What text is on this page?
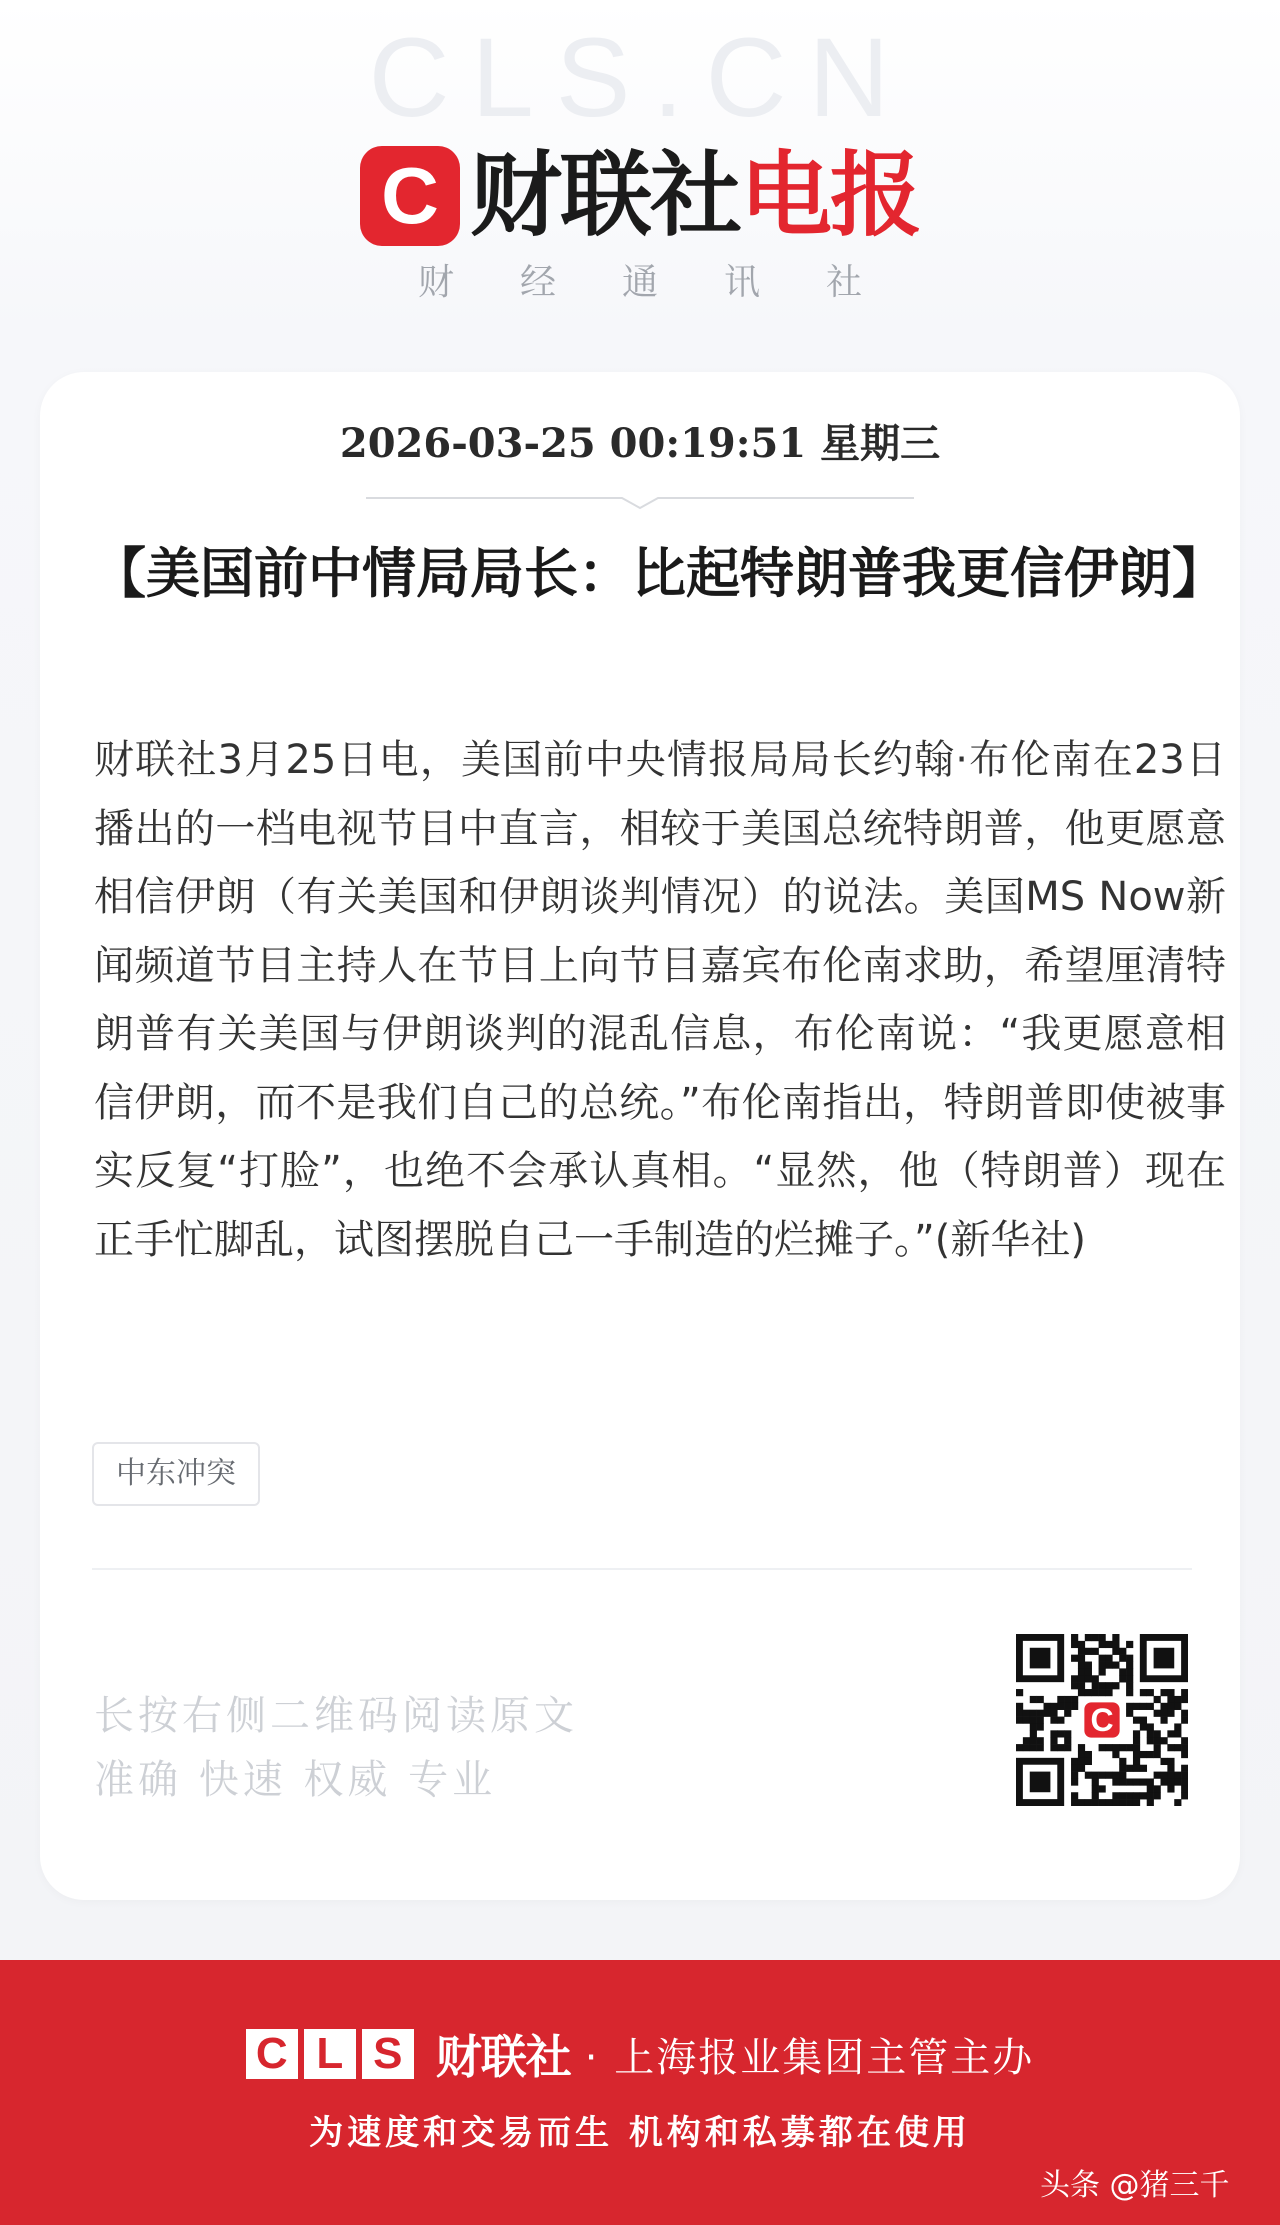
CLS.CN
C 财联社 电报
财经通讯社
2026-03-25 00:19:51 星期三
【美国前中情局局长：比起特朗普我更信伊朗】

财联社3月25日电，美国前中央情报局局长约翰·布伦南在23日播出的一档电视节目中直言，相较于美国总统特朗普，他更愿意相信伊朗（有关美国和伊朗谈判情况）的说法。美国MS Now新闻频道节目主持人在节目上向节目嘉宾布伦南求助，希望厘清特朗普有关美国与伊朗谈判的混乱信息，布伦南说：“我更愿意相信伊朗，而不是我们自己的总统。”布伦南指出，特朗普即使被事实反复“打脸”，也绝不会承认真相。“显然，他（特朗普）现在正手忙脚乱，试图摆脱自己一手制造的烂摊子。”(新华社)

中东冲突
长按右侧二维码阅读原文
准确 快速 权威 专业
C
C L S 财联社 · 上海报业集团主管主办
为速度和交易而生 机构和私募都在使用
头条 @猪三千
